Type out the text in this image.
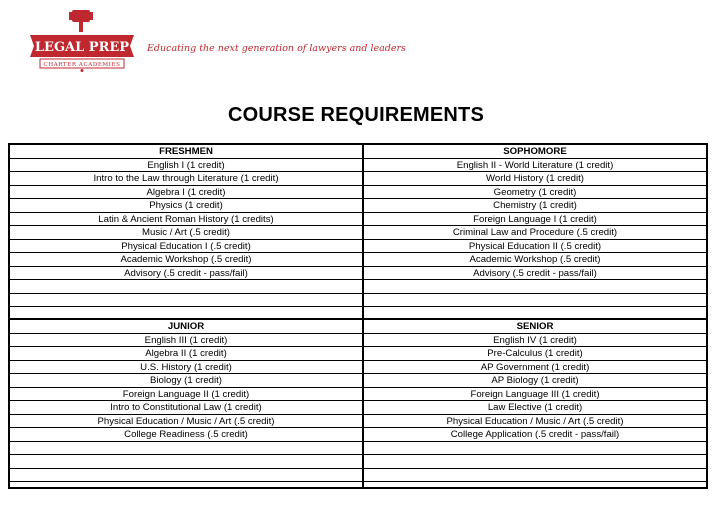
LEGAL PREP
CHARTER ACADEMIES
Educating the next generation of lawyers and leaders
COURSE REQUIREMENTS
FRESHMEN
English I (1 credit)
Intro to the Law through Literature (1 credit)
Algebra I (1 credit)
Physics (1 credit)
Latin & Ancient Roman History (1 credits)
Music / Art (.5 credit)
Physical Education I (.5 credit)
Academic Workshop (.5 credit)
Advisory (.5 credit - pass/fail)
SOPHOMORE
English II - World Literature (1 credit)
World History (1 credit)
Geometry (1 credit)
Chemistry (1 credit)
Foreign Language I (1 credit)
Criminal Law and Procedure (.5 credit)
Physical Education II (.5 credit)
Academic Workshop (.5 credit)
Advisory (.5 credit - pass/fail)
JUNIOR
English III (1 credit)
Algebra II (1 credit)
U.S. History (1 credit)
Biology (1 credit)
Foreign Language II (1 credit)
Intro to Constitutional Law (1 credit)
Physical Education / Music / Art (.5 credit)
College Readiness (.5 credit)
SENIOR
English IV (1 credit)
Pre-Calculus (1 credit)
AP Government (1 credit)
AP Biology (1 credit)
Foreign Language III (1 credit)
Law Elective (1 credit)
Physical Education / Music / Art (.5 credit)
College Application (.5 credit - pass/fail)
